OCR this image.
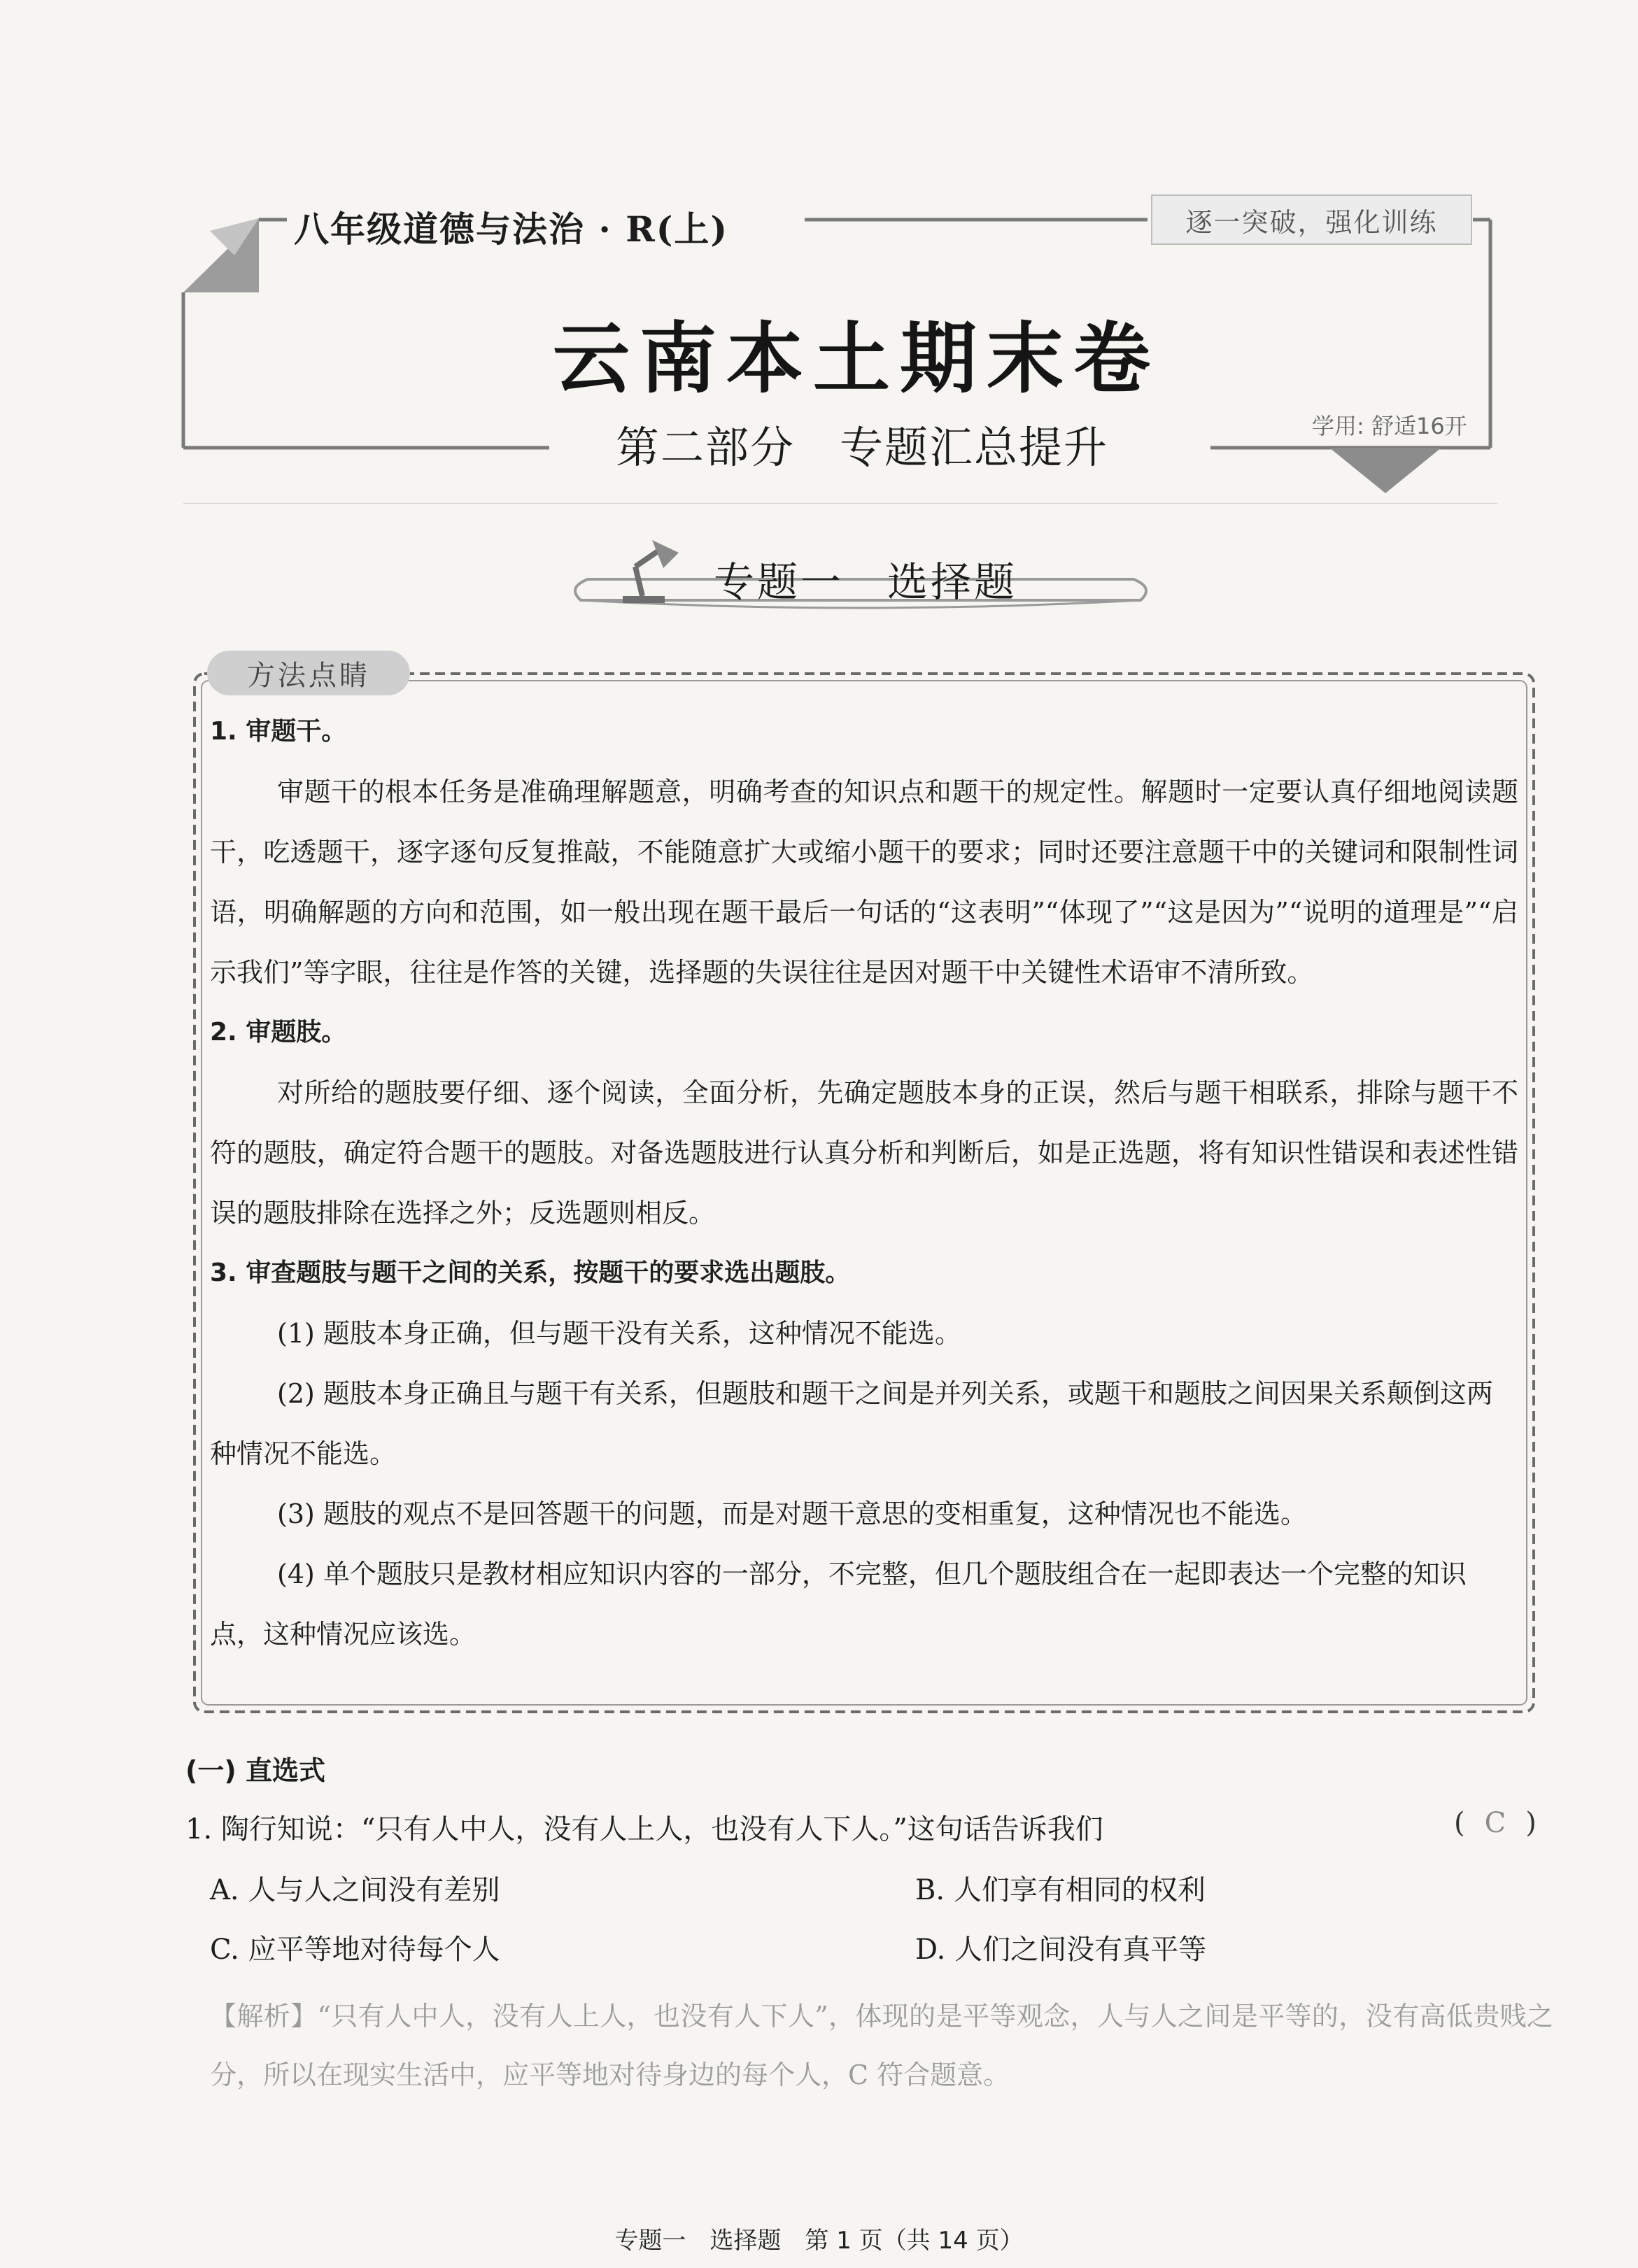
八年级道德与法治 · R(上)	逐一突破，强化训练
云南本土期末卷
第二部分　专题汇总提升	学用: 舒适16开
专题一　选择题
方法点睛
1. 审题干。
审题干的根本任务是准确理解题意，明确考查的知识点和题干的规定性。解题时一定要认真仔细地阅读题干，吃透题干，逐字逐句反复推敲，不能随意扩大或缩小题干的要求；同时还要注意题干中的关键词和限制性词语，明确解题的方向和范围，如一般出现在题干最后一句话的“这表明”“体现了”“这是因为”“说明的道理是”“启示我们”等字眼，往往是作答的关键，选择题的失误往往是因对题干中关键性术语审不清所致。
2. 审题肢。
对所给的题肢要仔细、逐个阅读，全面分析，先确定题肢本身的正误，然后与题干相联系，排除与题干不符的题肢，确定符合题干的题肢。对备选题肢进行认真分析和判断后，如是正选题，将有知识性错误和表述性错误的题肢排除在选择之外；反选题则相反。
3. 审查题肢与题干之间的关系，按题干的要求选出题肢。
(1) 题肢本身正确，但与题干没有关系，这种情况不能选。
(2) 题肢本身正确且与题干有关系，但题肢和题干之间是并列关系，或题干和题肢之间因果关系颠倒这两种情况不能选。
(3) 题肢的观点不是回答题干的问题，而是对题干意思的变相重复，这种情况也不能选。
(4) 单个题肢只是教材相应知识内容的一部分，不完整，但几个题肢组合在一起即表达一个完整的知识点，这种情况应该选。
(一) 直选式
1. 陶行知说：“只有人中人，没有人上人，也没有人下人。”这句话告诉我们	( C )
A. 人与人之间没有差别	B. 人们享有相同的权利
C. 应平等地对待每个人	D. 人们之间没有真平等
【解析】“只有人中人，没有人上人，也没有人下人”，体现的是平等观念，人与人之间是平等的，没有高低贵贱之分，所以在现实生活中，应平等地对待身边的每个人，C 符合题意。
专题一　选择题　第 1 页（共 14 页）
